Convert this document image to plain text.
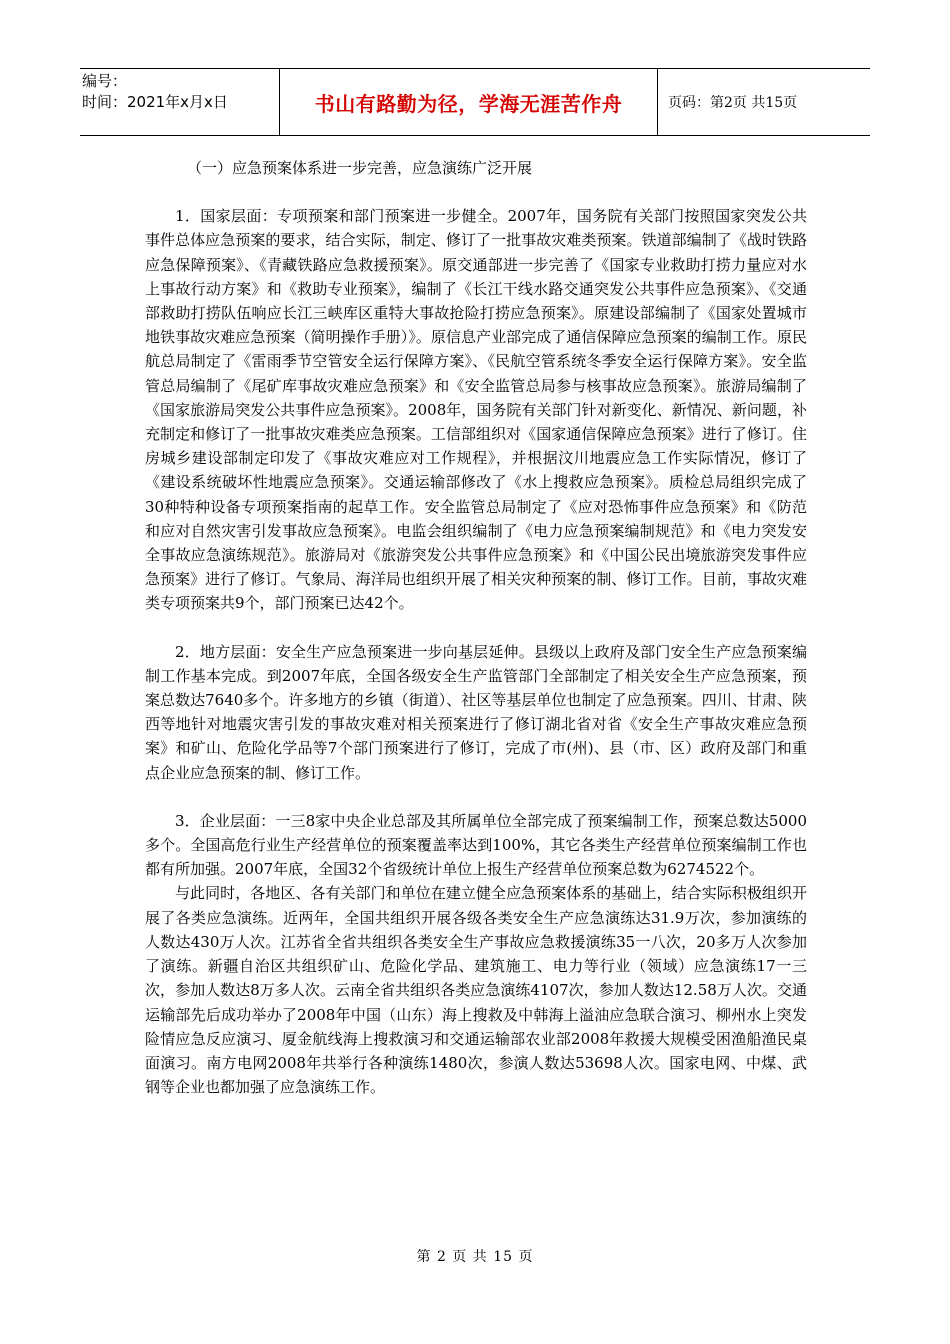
编号：
时间：2021年x月x日	书山有路勤为径，学海无涯苦作舟	页码：第2页 共15页

（一）应急预案体系进一步完善，应急演练广泛开展

1．国家层面：专项预案和部门预案进一步健全。2007年，国务院有关部门按照国家突发公共事件总体应急预案的要求，结合实际，制定、修订了一批事故灾难类预案。铁道部编制了《战时铁路应急保障预案》、《青藏铁路应急救援预案》。原交通部进一步完善了《国家专业救助打捞力量应对水上事故行动方案》和《救助专业预案》，编制了《长江干线水路交通突发公共事件应急预案》、《交通部救助打捞队伍响应长江三峡库区重特大事故抢险打捞应急预案》。原建设部编制了《国家处置城市地铁事故灾难应急预案（简明操作手册）》。原信息产业部完成了通信保障应急预案的编制工作。原民航总局制定了《雷雨季节空管安全运行保障方案》、《民航空管系统冬季安全运行保障方案》。安全监管总局编制了《尾矿库事故灾难应急预案》和《安全监管总局参与核事故应急预案》。旅游局编制了《国家旅游局突发公共事件应急预案》。2008年，国务院有关部门针对新变化、新情况、新问题，补充制定和修订了一批事故灾难类应急预案。工信部组织对《国家通信保障应急预案》进行了修订。住房城乡建设部制定印发了《事故灾难应对工作规程》，并根据汶川地震应急工作实际情况，修订了《建设系统破坏性地震应急预案》。交通运输部修改了《水上搜救应急预案》。质检总局组织完成了30种特种设备专项预案指南的起草工作。安全监管总局制定了《应对恐怖事件应急预案》和《防范和应对自然灾害引发事故应急预案》。电监会组织编制了《电力应急预案编制规范》和《电力突发安全事故应急演练规范》。旅游局对《旅游突发公共事件应急预案》和《中国公民出境旅游突发事件应急预案》进行了修订。气象局、海洋局也组织开展了相关灾种预案的制、修订工作。目前，事故灾难类专项预案共9个，部门预案已达42个。

2．地方层面：安全生产应急预案进一步向基层延伸。县级以上政府及部门安全生产应急预案编制工作基本完成。到2007年底，全国各级安全生产监管部门全部制定了相关安全生产应急预案，预案总数达7640多个。许多地方的乡镇（街道）、社区等基层单位也制定了应急预案。四川、甘肃、陕西等地针对地震灾害引发的事故灾难对相关预案进行了修订湖北省对省《安全生产事故灾难应急预案》和矿山、危险化学品等7个部门预案进行了修订，完成了市(州)、县（市、区）政府及部门和重点企业应急预案的制、修订工作。

3．企业层面：一三8家中央企业总部及其所属单位全部完成了预案编制工作，预案总数达5000多个。全国高危行业生产经营单位的预案覆盖率达到100%，其它各类生产经营单位预案编制工作也都有所加强。2007年底，全国32个省级统计单位上报生产经营单位预案总数为6274522个。

与此同时，各地区、各有关部门和单位在建立健全应急预案体系的基础上，结合实际积极组织开展了各类应急演练。近两年，全国共组织开展各级各类安全生产应急演练达31.9万次，参加演练的人数达430万人次。江苏省全省共组织各类安全生产事故应急救援演练35一八次，20多万人次参加了演练。新疆自治区共组织矿山、危险化学品、建筑施工、电力等行业（领域）应急演练17一三次，参加人数达8万多人次。云南全省共组织各类应急演练4107次，参加人数达12.58万人次。交通运输部先后成功举办了2008年中国（山东）海上搜救及中韩海上溢油应急联合演习、柳州水上突发险情应急反应演习、厦金航线海上搜救演习和交通运输部农业部2008年救援大规模受困渔船渔民桌面演习。南方电网2008年共举行各种演练1480次，参演人数达53698人次。国家电网、中煤、武钢等企业也都加强了应急演练工作。

第 2 页 共 15 页
